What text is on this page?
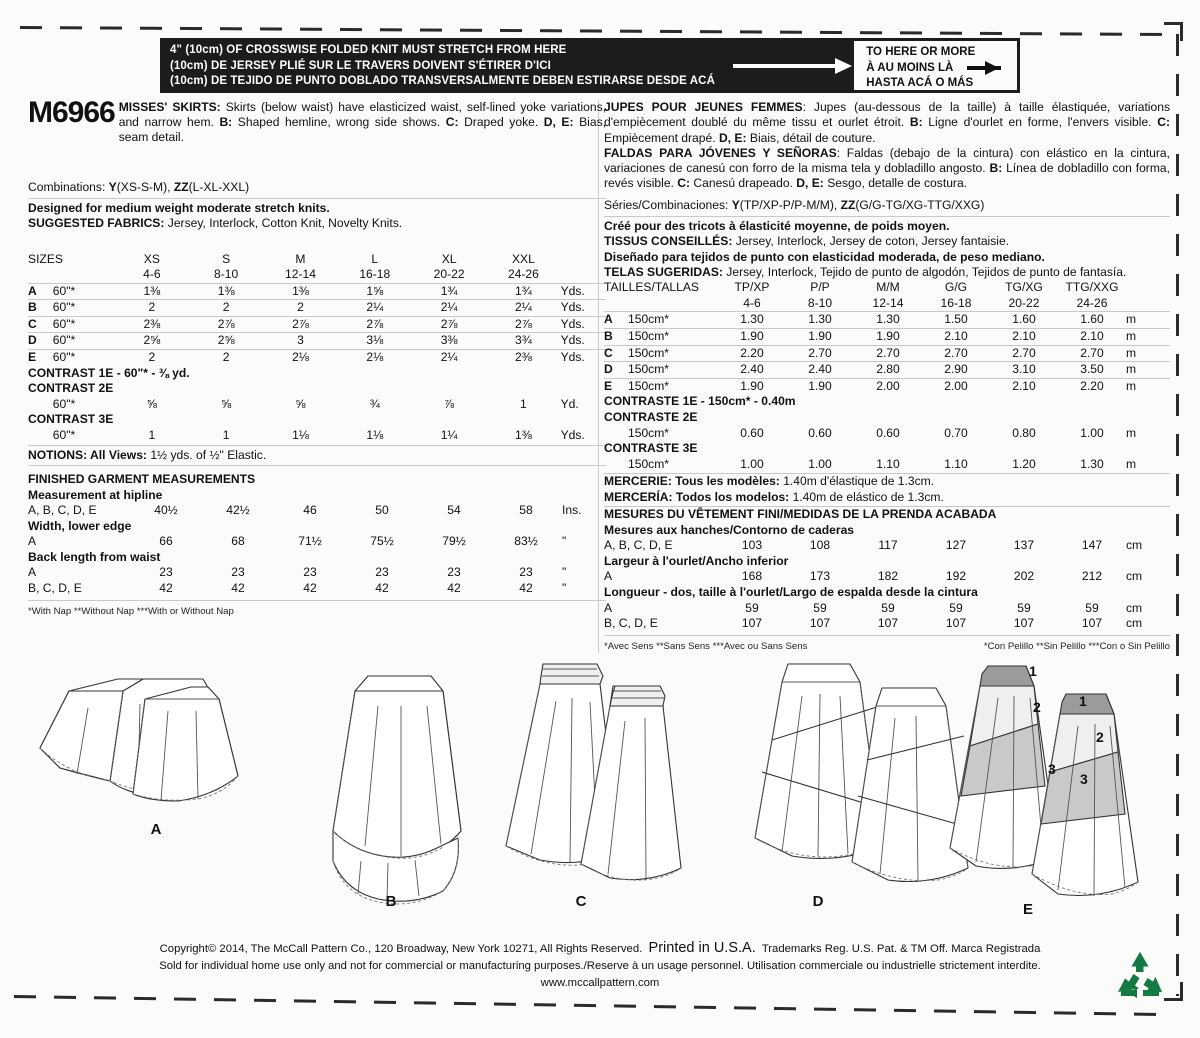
4" (10cm) OF CROSSWISE FOLDED KNIT MUST STRETCH FROM HERE
(10cm) DE JERSEY PLIÉ SUR LE TRAVERS DOIVENT S'ÉTIRER D'ICI
(10cm) DE TEJIDO DE PUNTO DOBLADO TRANSVERSALMENTE DEBEN ESTIRARSE DESDE ACÁ
TO HERE OR MORE
À AU MOINS LÀ
HASTA ACÁ O MÁS
M6966 MISSES' SKIRTS: Skirts (below waist) have elasticized waist, self-lined yoke variations, and narrow hem. B: Shaped hemline, wrong side shows. C: Draped yoke. D, E: Bias, seam detail.
Combinations: Y(XS-S-M), ZZ(L-XL-XXL)
Designed for medium weight moderate stretch knits.
SUGGESTED FABRICS: Jersey, Interlock, Cotton Knit, Novelty Knits.
SIZES		XS	S	M	L	XL	XXL	
		4-6	8-10	12-14	16-18	20-22	24-26	
A	60"*	1⅜	1⅜	1⅜	1⅝	1¾	1¾	Yds.
B	60"*	2	2	2	2¼	2¼	2¼	Yds.
C	60"*	2⅜	2⅞	2⅞	2⅞	2⅞	2⅞	Yds.
D	60"*	2⅝	2⅝	3	3⅛	3⅜	3¾	Yds.
E	60"*	2	2	2⅛	2⅛	2¼	2⅜	Yds.
CONTRAST 1E - 60"* - ⅜ yd.								
CONTRAST 2E								
	60"*	⅝	⅝	⅝	¾	⅞	1	Yd.
CONTRAST 3E								
	60"*	1	1	1⅛	1⅛	1¼	1⅜	Yds.
NOTIONS: All Views: 1½ yds. of ½" Elastic.
FINISHED GARMENT MEASUREMENTS
Measurement at hipline							
A, B, C, D, E	40½	42½	46	50	54	58	Ins.
Width, lower edge							
A	66	68	71½	75½	79½	83½	"
Back length from waist							
A	23	23	23	23	23	23	"
B, C, D, E	42	42	42	42	42	42	"
*With Nap **Without Nap ***With or Without Nap
JUPES POUR JEUNES FEMMES: Jupes (au-dessous de la taille) à taille élastiquée, variations d'empiècement doublé du même tissu et ourlet étroit. B: Ligne d'ourlet en forme, l'envers visible. C: Empiècement drapé. D, E: Biais, détail de couture.
FALDAS PARA JÓVENES Y SEÑORAS: Faldas (debajo de la cintura) con elástico en la cintura, variaciones de canesú con forro de la misma tela y dobladillo angosto. B: Línea de dobladillo con forma, revés visible. C: Canesú drapeado. D, E: Sesgo, detalle de costura.
Séries/Combinaciones: Y(TP/XP-P/P-M/M), ZZ(G/G-TG/XG-TTG/XXG)
Créé pour des tricots à élasticité moyenne, de poids moyen.
TISSUS CONSEILLÉS: Jersey, Interlock, Jersey de coton, Jersey fantaisie.
Diseñado para tejidos de punto con elasticidad moderada, de peso mediano.
TELAS SUGERIDAS: Jersey, Interlock, Tejido de punto de algodón, Tejidos de punto de fantasía.
TAILLES/TALLAS		TP/XP	P/P	M/M	G/G	TG/XG	TTG/XXG	
		4-6	8-10	12-14	16-18	20-22	24-26	
A	150cm*	1.30	1.30	1.30	1.50	1.60	1.60	m
B	150cm*	1.90	1.90	1.90	2.10	2.10	2.10	m
C	150cm*	2.20	2.70	2.70	2.70	2.70	2.70	m
D	150cm*	2.40	2.40	2.80	2.90	3.10	3.50	m
E	150cm*	1.90	1.90	2.00	2.00	2.10	2.20	m
CONTRASTE 1E - 150cm* - 0.40m								
CONTRASTE 2E								
	150cm*	0.60	0.60	0.60	0.70	0.80	1.00	m
CONTRASTE 3E								
	150cm*	1.00	1.00	1.10	1.10	1.20	1.30	m
MERCERIE: Tous les modèles: 1.40m d'élastique de 1.3cm.
MERCERÍA: Todos los modelos: 1.40m de elástico de 1.3cm.
MESURES DU VÊTEMENT FINI/MEDIDAS DE LA PRENDA ACABADA
Mesures aux hanches/Contorno de caderas							
A, B, C, D, E	103	108	117	127	137	147	cm
Largeur à l'ourlet/Ancho inferior							
A	168	173	182	192	202	212	cm
Longueur - dos, taille à l'ourlet/Largo de espalda desde la cintura							
A	59	59	59	59	59	59	cm
B, C, D, E	107	107	107	107	107	107	cm
*Avec Sens **Sans Sens ***Avec ou Sans Sens	*Con Pelillo **Sin Pelillo ***Con o Sin Pelillo
A
B	C	D
1
2
3
1
2
3
E
Copyright© 2014, The McCall Pattern Co., 120 Broadway, New York 10271, All Rights Reserved. Printed in U.S.A. Trademarks Reg. U.S. Pat. & TM Off. Marca Registrada
Sold for individual home use only and not for commercial or manufacturing purposes./Reserve à un usage personnel. Utilisation commerciale ou industrielle strictement interdite.
www.mccallpattern.com
